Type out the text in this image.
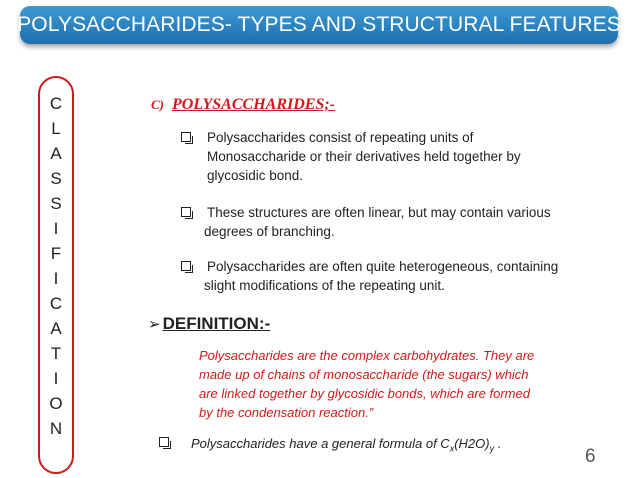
POLYSACCHARIDES- TYPES AND STRUCTURAL FEATURES
C
L
A
S
S
I
F
I
C
A
T
I
O
N
C) POLYSACCHARIDES;-
Polysaccharides consist of repeating units of
Monosaccharide or their derivatives held together by
glycosidic bond.
These structures are often linear, but may contain various
degrees of branching.
Polysaccharides are often quite heterogeneous, containing
slight modifications of the repeating unit.
➢ DEFINITION:-
Polysaccharides are the complex carbohydrates. They are
made up of chains of monosaccharide (the sugars) which
are linked together by glycosidic bonds, which are formed
by the condensation reaction.”
Polysaccharides have a general formula of $C_x(H2O)_y$ .
6
